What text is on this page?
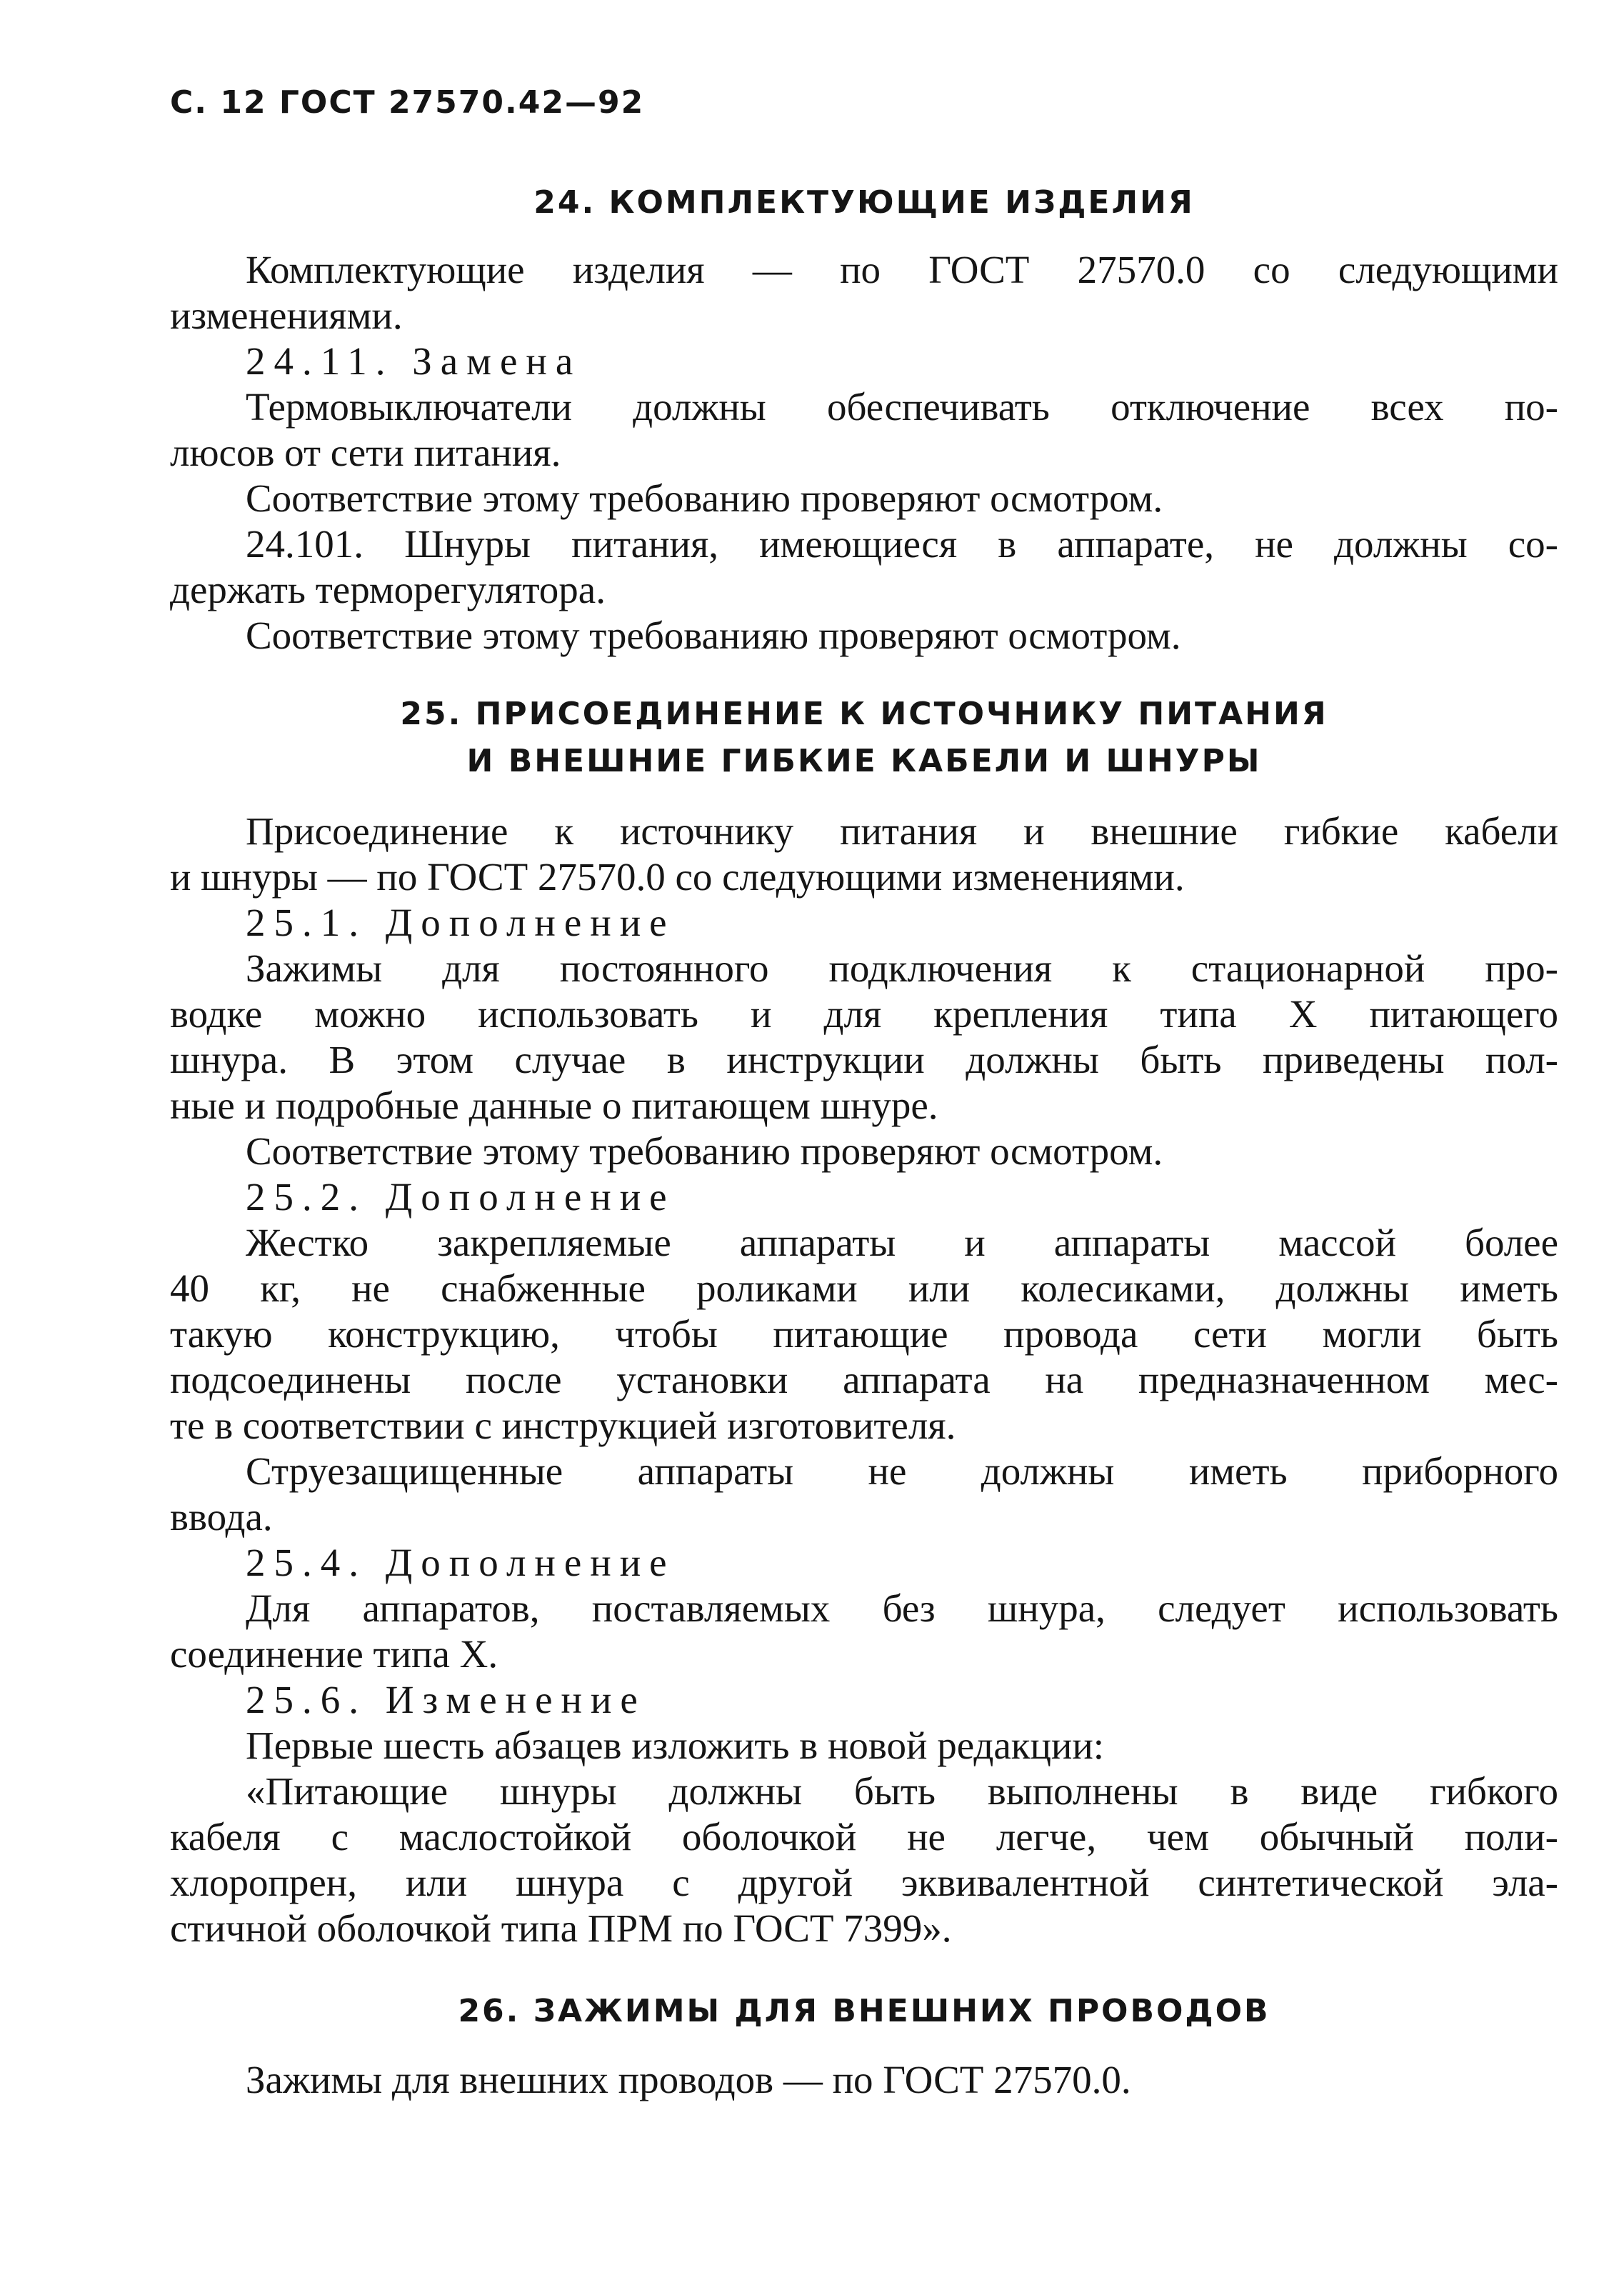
С. 12 ГОСТ 27570.42—92
24. КОМПЛЕКТУЮЩИЕ ИЗДЕЛИЯ
Комплектующие изделия — по ГОСТ 27570.0 со следующими
изменениями.
24.11. Замена
Термовыключатели должны обеспечивать отключение всех по-
люсов от сети питания.
Соответствие этому требованию проверяют осмотром.
24.101. Шнуры питания, имеющиеся в аппарате, не должны со-
держать терморегулятора.
Соответствие этому требованияю проверяют осмотром.
25. ПРИСОЕДИНЕНИЕ К ИСТОЧНИКУ ПИТАНИЯ
И ВНЕШНИЕ ГИБКИЕ КАБЕЛИ И ШНУРЫ
Присоединение к источнику питания и внешние гибкие кабели
и шнуры — по ГОСТ 27570.0 со следующими изменениями.
25.1. Дополнение
Зажимы для постоянного подключения к стационарной про-
водке можно использовать и для крепления типа X питающего
шнура. В этом случае в инструкции должны быть приведены пол-
ные и подробные данные о питающем шнуре.
Соответствие этому требованию проверяют осмотром.
25.2. Дополнение
Жестко закрепляемые аппараты и аппараты массой более
40 кг, не снабженные роликами или колесиками, должны иметь
такую конструкцию, чтобы питающие провода сети могли быть
подсоединены после установки аппарата на предназначенном мес-
те в соответствии с инструкцией изготовителя.
Струезащищенные аппараты не должны иметь приборного
ввода.
25.4. Дополнение
Для аппаратов, поставляемых без шнура, следует использовать
соединение типа X.
25.6. Изменение
Первые шесть абзацев изложить в новой редакции:
«Питающие шнуры должны быть выполнены в виде гибкого
кабеля с маслостойкой оболочкой не легче, чем обычный поли-
хлоропрен, или шнура с другой эквивалентной синтетической эла-
стичной оболочкой типа ПРМ по ГОСТ 7399».
26. ЗАЖИМЫ ДЛЯ ВНЕШНИХ ПРОВОДОВ
Зажимы для внешних проводов — по ГОСТ 27570.0.
